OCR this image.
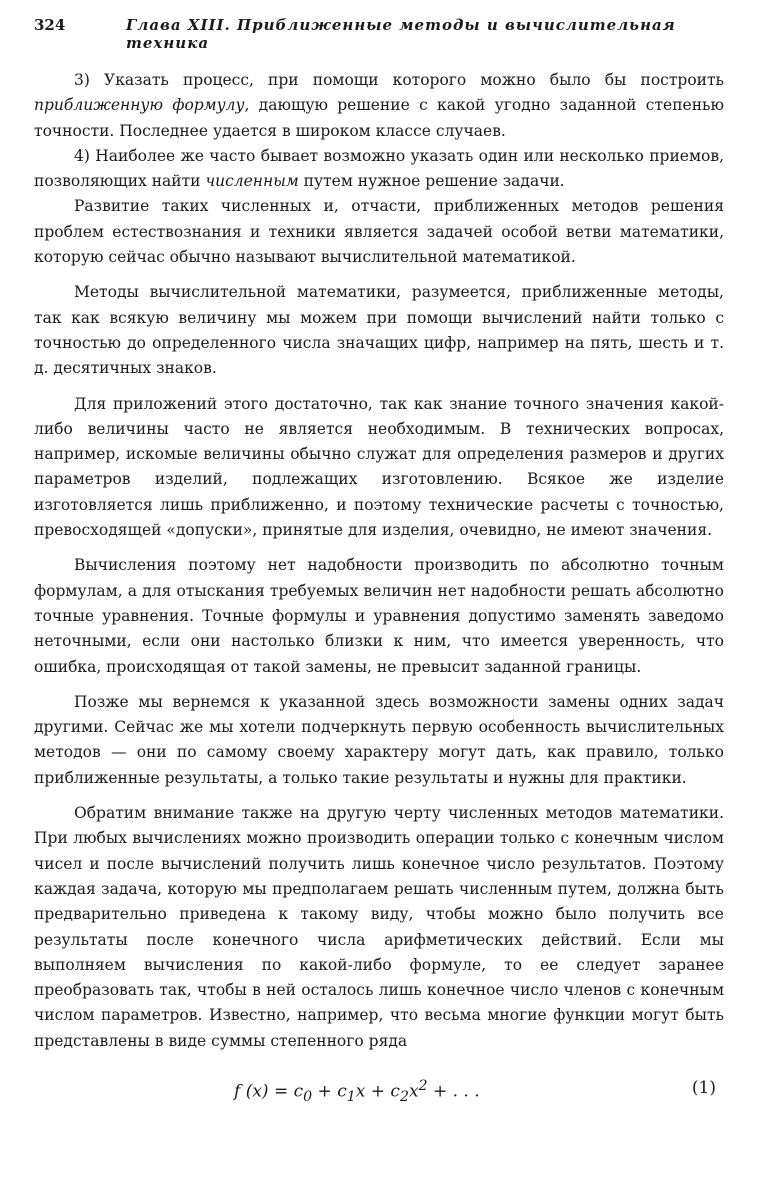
324	Глава XIII. Приближенные методы и вычислительная техника

3) Указать процесс, при помощи которого можно было бы построить приближенную формулу, дающую решение с какой угодно заданной степенью точности. Последнее удается в широком классе случаев.

4) Наиболее же часто бывает возможно указать один или несколько приемов, позволяющих найти численным путем нужное решение задачи.

Развитие таких численных и, отчасти, приближенных методов решения проблем естествознания и техники является задачей особой ветви математики, которую сейчас обычно называют вычислительной математикой.

Методы вычислительной математики, разумеется, приближенные методы, так как всякую величину мы можем при помощи вычислений найти только с точностью до определенного числа значащих цифр, например на пять, шесть и т. д. десятичных знаков.

Для приложений этого достаточно, так как знание точного значения какой-либо величины часто не является необходимым. В технических вопросах, например, искомые величины обычно служат для определения размеров и других параметров изделий, подлежащих изготовлению. Всякое же изделие изготовляется лишь приближенно, и поэтому технические расчеты с точностью, превосходящей «допуски», принятые для изделия, очевидно, не имеют значения.

Вычисления поэтому нет надобности производить по абсолютно точным формулам, а для отыскания требуемых величин нет надобности решать абсолютно точные уравнения. Точные формулы и уравнения допустимо заменять заведомо неточными, если они настолько близки к ним, что имеется уверенность, что ошибка, происходящая от такой замены, не превысит заданной границы.

Позже мы вернемся к указанной здесь возможности замены одних задач другими. Сейчас же мы хотели подчеркнуть первую особенность вычислительных методов — они по самому своему характеру могут дать, как правило, только приближенные результаты, а только такие результаты и нужны для практики.

Обратим внимание также на другую черту численных методов математики. При любых вычислениях можно производить операции только с конечным числом чисел и после вычислений получить лишь конечное число результатов. Поэтому каждая задача, которую мы предполагаем решать численным путем, должна быть предварительно приведена к такому виду, чтобы можно было получить все результаты после конечного числа арифметических действий. Если мы выполняем вычисления по какой-либо формуле, то ее следует заранее преобразовать так, чтобы в ней осталось лишь конечное число членов с конечным числом параметров. Известно, например, что весьма многие функции могут быть представлены в виде суммы степенного ряда

f $(x) = c_0 + c_1x + c_2x^2$ + . . .	(1)
